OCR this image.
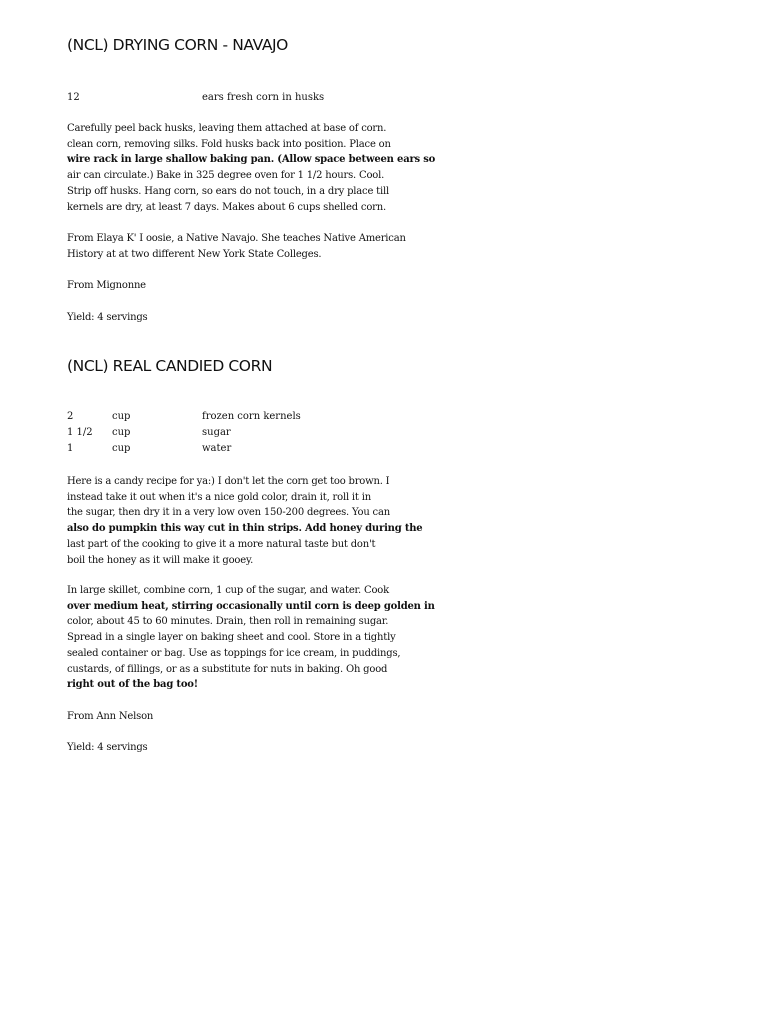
(NCL) DRYING CORN - NAVAJO
12	ears fresh corn in husks

Carefully peel back husks, leaving them attached at base of corn.
clean corn, removing silks. Fold husks back into position. Place on
wire rack in large shallow baking pan. (Allow space between ears so
air can circulate.) Bake in 325 degree oven for 1 1/2 hours. Cool.
Strip off husks. Hang corn, so ears do not touch, in a dry place till
kernels are dry, at least 7 days. Makes about 6 cups shelled corn.

From Elaya K' I oosie, a Native Navajo. She teaches Native American
History at at two different New York State Colleges.

From Mignonne

Yield: 4 servings

(NCL) REAL CANDIED CORN
2	cup	frozen corn kernels
1 1/2 cup	sugar
1	cup	water

Here is a candy recipe for ya:) I don't let the corn get too brown. I
instead take it out when it's a nice gold color, drain it, roll it in
the sugar, then dry it in a very low oven 150-200 degrees. You can
also do pumpkin this way cut in thin strips. Add honey during the
last part of the cooking to give it a more natural taste but don't
boil the honey as it will make it gooey.

In large skillet, combine corn, 1 cup of the sugar, and water. Cook
over medium heat, stirring occasionally until corn is deep golden in
color, about 45 to 60 minutes. Drain, then roll in remaining sugar.
Spread in a single layer on baking sheet and cool. Store in a tightly
sealed container or bag. Use as toppings for ice cream, in puddings,
custards, of fillings, or as a substitute for nuts in baking. Oh good
right out of the bag too!

From Ann Nelson

Yield: 4 servings
